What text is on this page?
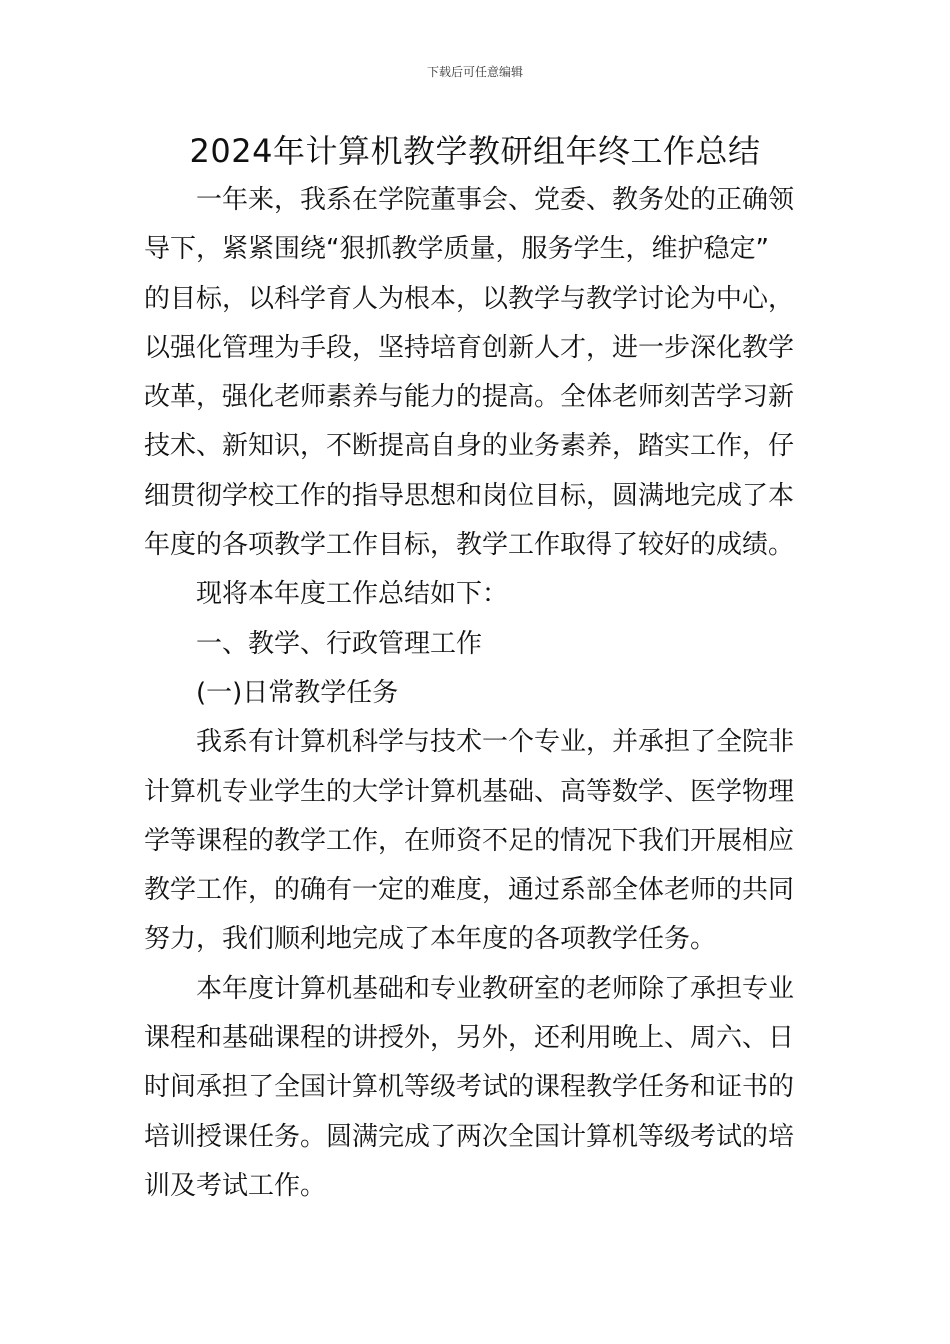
下载后可任意编辑
2024年计算机教学教研组年终工作总结
一年来，我系在学院董事会、党委、教务处的正确领
导下，紧紧围绕“狠抓教学质量，服务学生，维护稳定”
的目标，以科学育人为根本，以教学与教学讨论为中心，
以强化管理为手段，坚持培育创新人才，进一步深化教学
改革，强化老师素养与能力的提高。全体老师刻苦学习新
技术、新知识，不断提高自身的业务素养，踏实工作，仔
细贯彻学校工作的指导思想和岗位目标，圆满地完成了本
年度的各项教学工作目标，教学工作取得了较好的成绩。
现将本年度工作总结如下：
一、教学、行政管理工作
(一)日常教学任务
我系有计算机科学与技术一个专业，并承担了全院非
计算机专业学生的大学计算机基础、高等数学、医学物理
学等课程的教学工作，在师资不足的情况下我们开展相应
教学工作，的确有一定的难度，通过系部全体老师的共同
努力，我们顺利地完成了本年度的各项教学任务。
本年度计算机基础和专业教研室的老师除了承担专业
课程和基础课程的讲授外，另外，还利用晚上、周六、日
时间承担了全国计算机等级考试的课程教学任务和证书的
培训授课任务。圆满完成了两次全国计算机等级考试的培
训及考试工作。
